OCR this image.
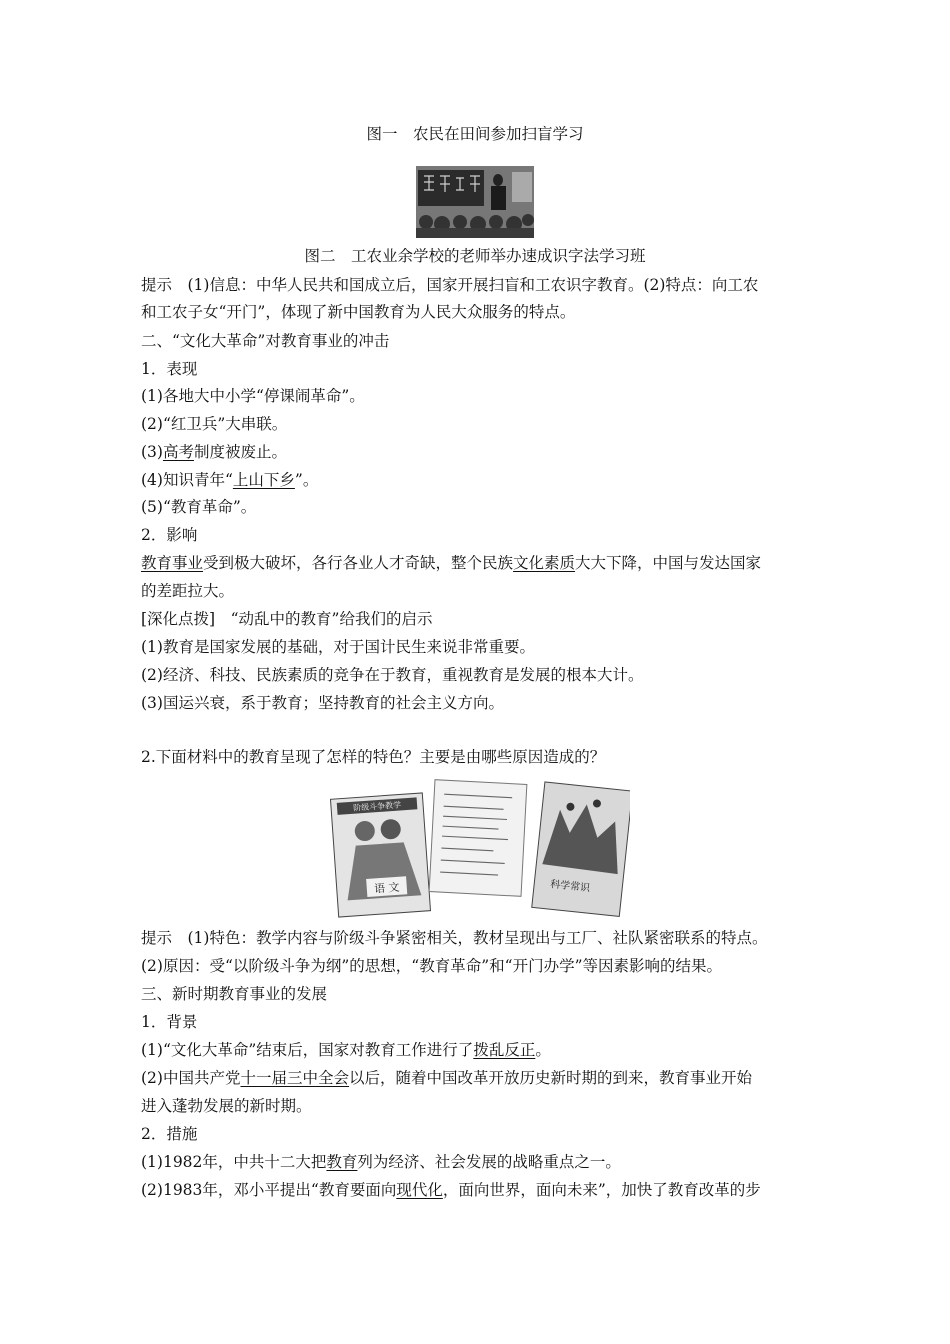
图一　农民在田间参加扫盲学习
图二　工农业余学校的老师举办速成识字法学习班
提示　(1)信息：中华人民共和国成立后，国家开展扫盲和工农识字教育。(2)特点：向工农
和工农子女“开门”，体现了新中国教育为人民大众服务的特点。
二、“文化大革命”对教育事业的冲击
1．表现
(1)各地大中小学“停课闹革命”。
(2)“红卫兵”大串联。
(3)高考制度被废止。
(4)知识青年“上山下乡”。
(5)“教育革命”。
2．影响
教育事业受到极大破坏，各行各业人才奇缺，整个民族文化素质大大下降，中国与发达国家
的差距拉大。
[深化点拨]　“动乱中的教育”给我们的启示
(1)教育是国家发展的基础，对于国计民生来说非常重要。
(2)经济、科技、民族素质的竞争在于教育，重视教育是发展的根本大计。
(3)国运兴衰，系于教育；坚持教育的社会主义方向。
2.下面材料中的教育呈现了怎样的特色？主要是由哪些原因造成的？
阶级斗争教学
语 文	科学常识
提示　(1)特色：教学内容与阶级斗争紧密相关，教材呈现出与工厂、社队紧密联系的特点。
(2)原因：受“以阶级斗争为纲”的思想，“教育革命”和“开门办学”等因素影响的结果。
三、新时期教育事业的发展
1．背景
(1)“文化大革命”结束后，国家对教育工作进行了拨乱反正。
(2)中国共产党十一届三中全会以后，随着中国改革开放历史新时期的到来，教育事业开始
进入蓬勃发展的新时期。
2．措施
(1)1982年，中共十二大把教育列为经济、社会发展的战略重点之一。
(2)1983年，邓小平提出“教育要面向现代化，面向世界，面向未来”，加快了教育改革的步
